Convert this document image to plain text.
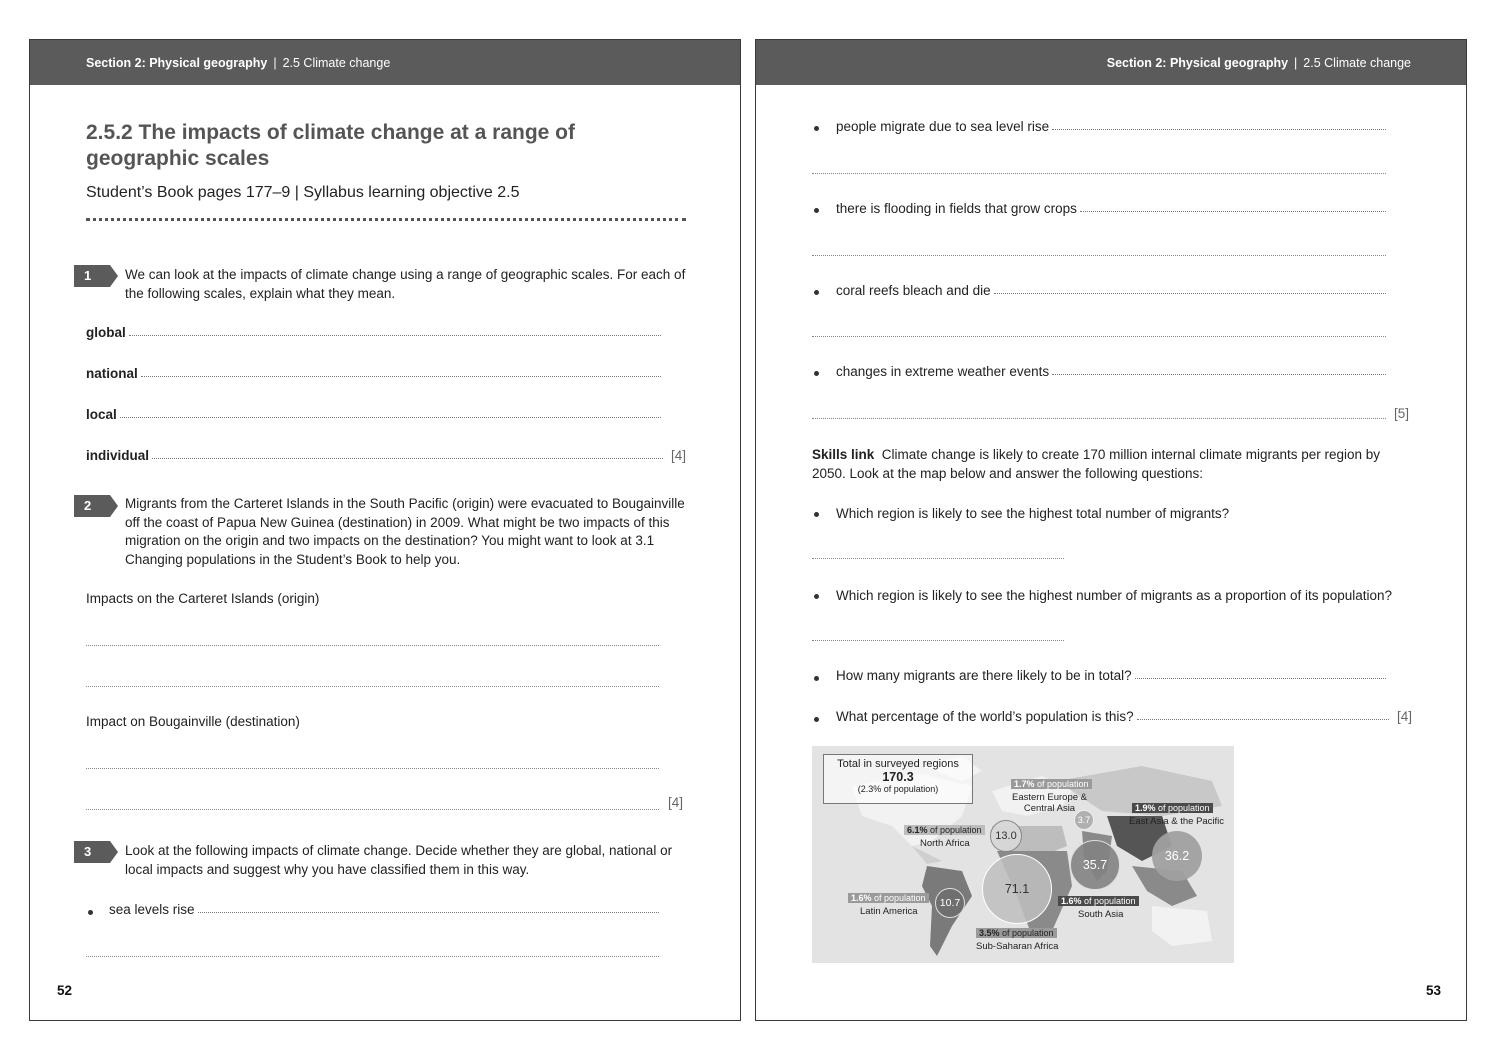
Section 2: Physical geography | 2.5 Climate change
2.5.2 The impacts of climate change at a range of
geographic scales
Student’s Book pages 177–9 | Syllabus learning objective 2.5
1	We can look at the impacts of climate change using a range of geographic scales. For each of
the following scales, explain what they mean.
global
national
local
individual	[4]
2	Migrants from the Carteret Islands in the South Pacific (origin) were evacuated to Bougainville
off the coast of Papua New Guinea (destination) in 2009. What might be two impacts of this
migration on the origin and two impacts on the destination? You might want to look at 3.1
Changing populations in the Student’s Book to help you.
Impacts on the Carteret Islands (origin)
Impact on Bougainville (destination)
[4]
3	Look at the following impacts of climate change. Decide whether they are global, national or
local impacts and suggest why you have classified them in this way.
sea levels rise
52
Section 2: Physical geography | 2.5 Climate change
people migrate due to sea level rise
there is flooding in fields that grow crops
coral reefs bleach and die
changes in extreme weather events
[5]
Skills link Climate change is likely to create 170 million internal climate migrants per region by
2050. Look at the map below and answer the following questions:
Which region is likely to see the highest total number of migrants?
Which region is likely to see the highest number of migrants as a proportion of its population?
How many migrants are there likely to be in total?
What percentage of the world’s population is this?	[4]
Total in surveyed regions
170.3
(2.3% of population)
71.1
36.2
35.7
13.0
10.7
3.7
1.9% of population
East Asia & the Pacific
1.6% of population
South Asia
6.1% of population
North Africa
1.6% of population
Latin America
3.5% of population
Sub-Saharan Africa
1.7% of population
Eastern Europe &
Central Asia
53
